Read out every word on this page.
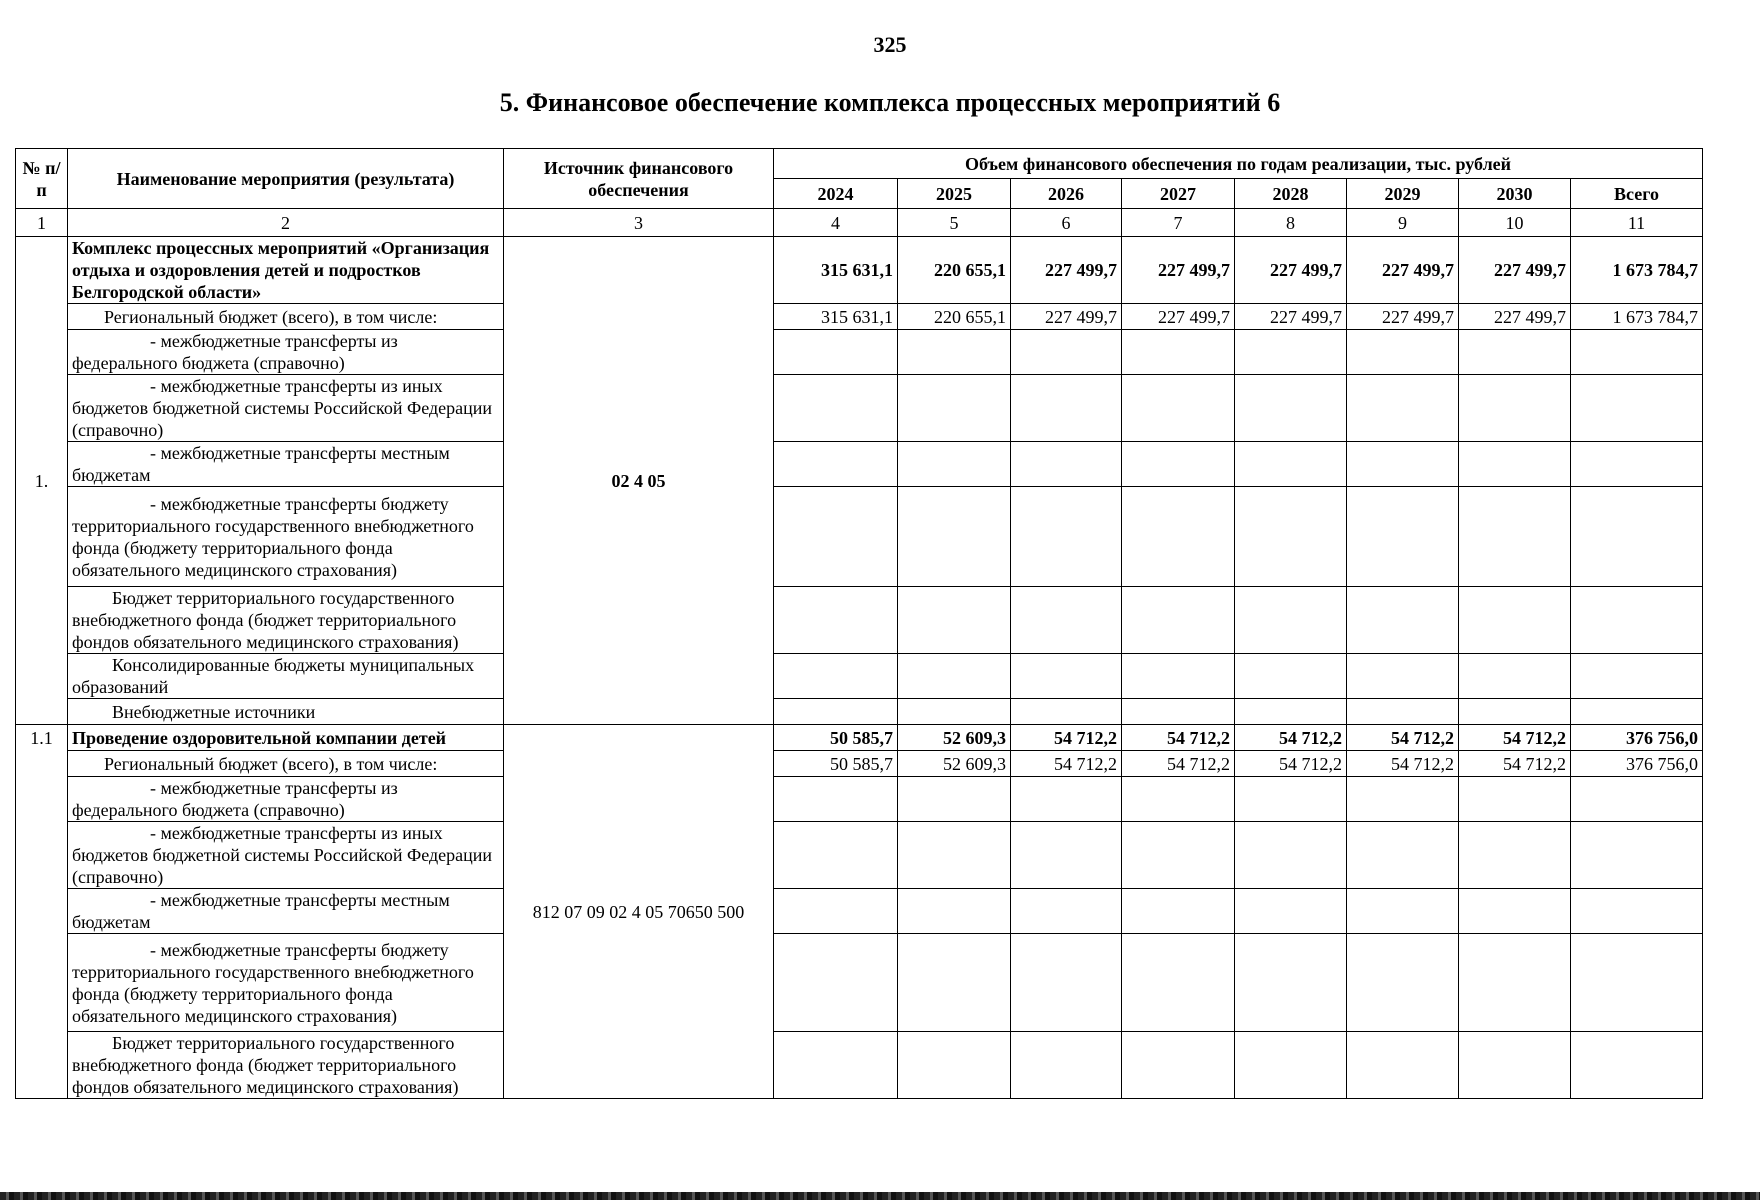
325
5. Финансовое обеспечение комплекса процессных мероприятий 6
№ п/п	Наименование мероприятия (результата)	Источник финансового обеспечения	Объем финансового обеспечения по годам реализации, тыс. рублей							
			2024	2025	2026	2027	2028	2029	2030	Всего
1	2	3	4	5	6	7	8	9	10	11
1.	Комплекс процессных мероприятий «Организация отдыха и оздоровления детей и подростков Белгородской области»	02 4 05	315 631,1	220 655,1	227 499,7	227 499,7	227 499,7	227 499,7	227 499,7	1 673 784,7
	Региональный бюджет (всего), в том числе:		315 631,1	220 655,1	227 499,7	227 499,7	227 499,7	227 499,7	227 499,7	1 673 784,7
	- межбюджетные трансферты из федерального бюджета (справочно)									
	- межбюджетные трансферты из иных бюджетов бюджетной системы Российской Федерации (справочно)									
	- межбюджетные трансферты местным бюджетам									
	- межбюджетные трансферты бюджету территориального государственного внебюджетного фонда (бюджету территориального фонда обязательного медицинского страхования)									
	Бюджет территориального государственного внебюджетного фонда (бюджет территориального фондов обязательного медицинского страхования)									
	Консолидированные бюджеты муниципальных образований									
	Внебюджетные источники									
1.1	Проведение оздоровительной компании детей	812 07 09 02 4 05 70650 500	50 585,7	52 609,3	54 712,2	54 712,2	54 712,2	54 712,2	54 712,2	376 756,0
	Региональный бюджет (всего), в том числе:		50 585,7	52 609,3	54 712,2	54 712,2	54 712,2	54 712,2	54 712,2	376 756,0
	- межбюджетные трансферты из федерального бюджета (справочно)									
	- межбюджетные трансферты из иных бюджетов бюджетной системы Российской Федерации (справочно)									
	- межбюджетные трансферты местным бюджетам									
	- межбюджетные трансферты бюджету территориального государственного внебюджетного фонда (бюджету территориального фонда обязательного медицинского страхования)									
	Бюджет территориального государственного внебюджетного фонда (бюджет территориального фондов обязательного медицинского страхования)									
